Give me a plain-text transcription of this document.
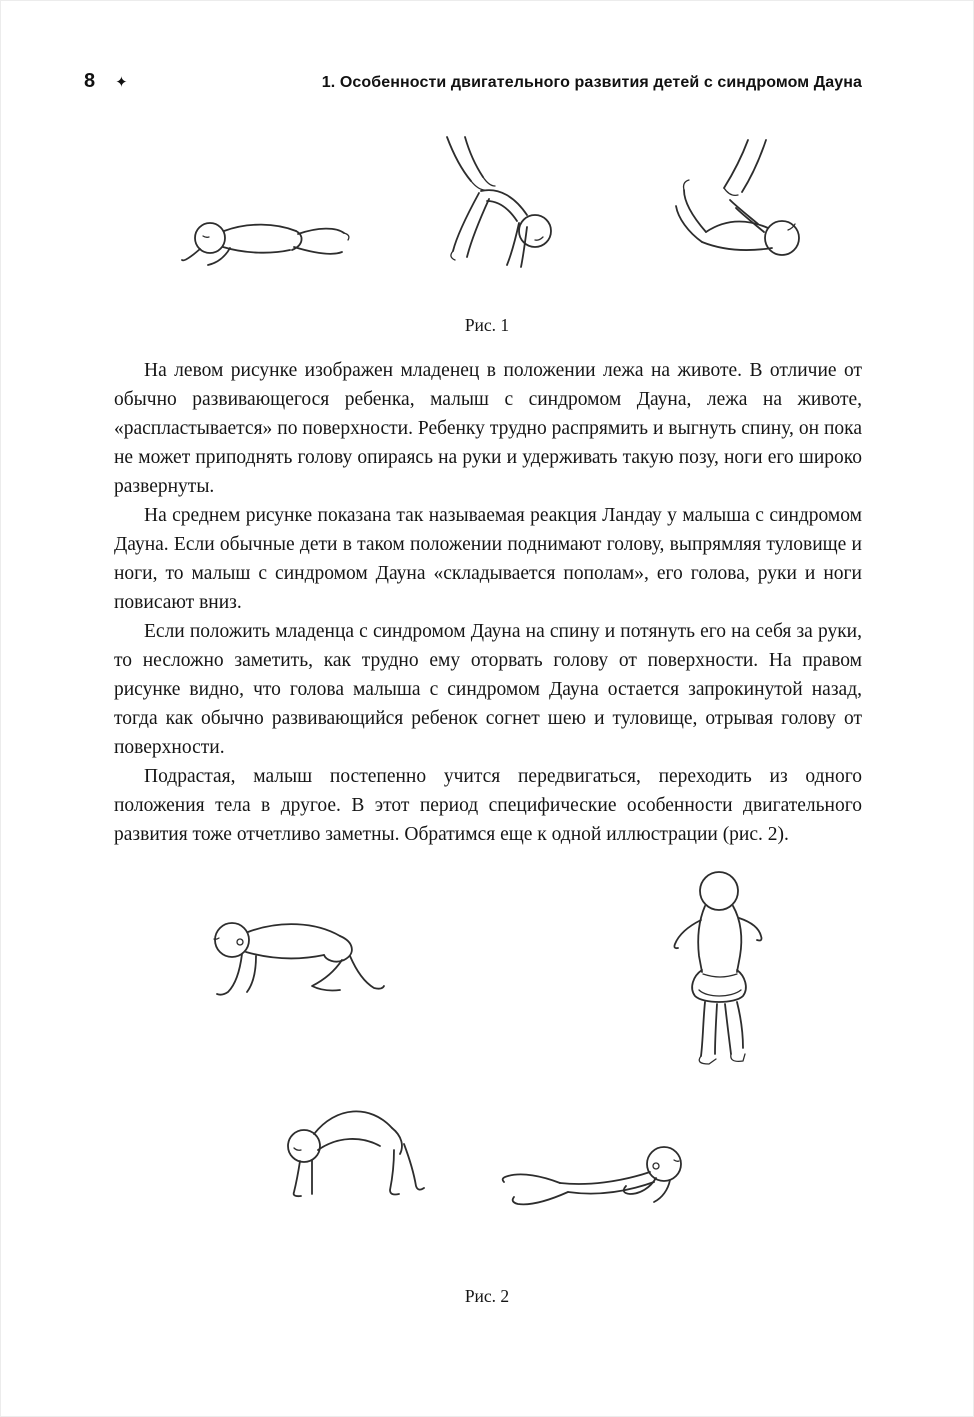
8 ✦	1. Особенности двигательного развития детей с синдромом Дауна
Рис. 1

На левом рисунке изображен младенец в положении лежа на животе. В отличие от обычно развивающегося ребенка, малыш с синдромом Дауна, лежа на животе, «распластывается» по поверхности. Ребенку трудно распрямить и выгнуть спину, он пока не может приподнять голову опираясь на руки и удерживать такую позу, ноги его широко развернуты.

На среднем рисунке показана так называемая реакция Ландау у малыша с синдромом Дауна. Если обычные дети в таком положении поднимают голову, выпрямляя туловище и ноги, то малыш с синдромом Дауна «складывается пополам», его голова, руки и ноги повисают вниз.

Если положить младенца с синдромом Дауна на спину и потянуть его на себя за руки, то несложно заметить, как трудно ему оторвать голову от поверхности. На правом рисунке видно, что голова малыша с синдромом Дауна остается запрокинутой назад, тогда как обычно развивающийся ребенок согнет шею и туловище, отрывая голову от поверхности.

Подрастая, малыш постепенно учится передвигаться, переходить из одного положения тела в другое. В этот период специфические особенности двигательного развития тоже отчетливо заметны. Обратимся еще к одной иллюстрации (рис. 2).

Рис. 2
